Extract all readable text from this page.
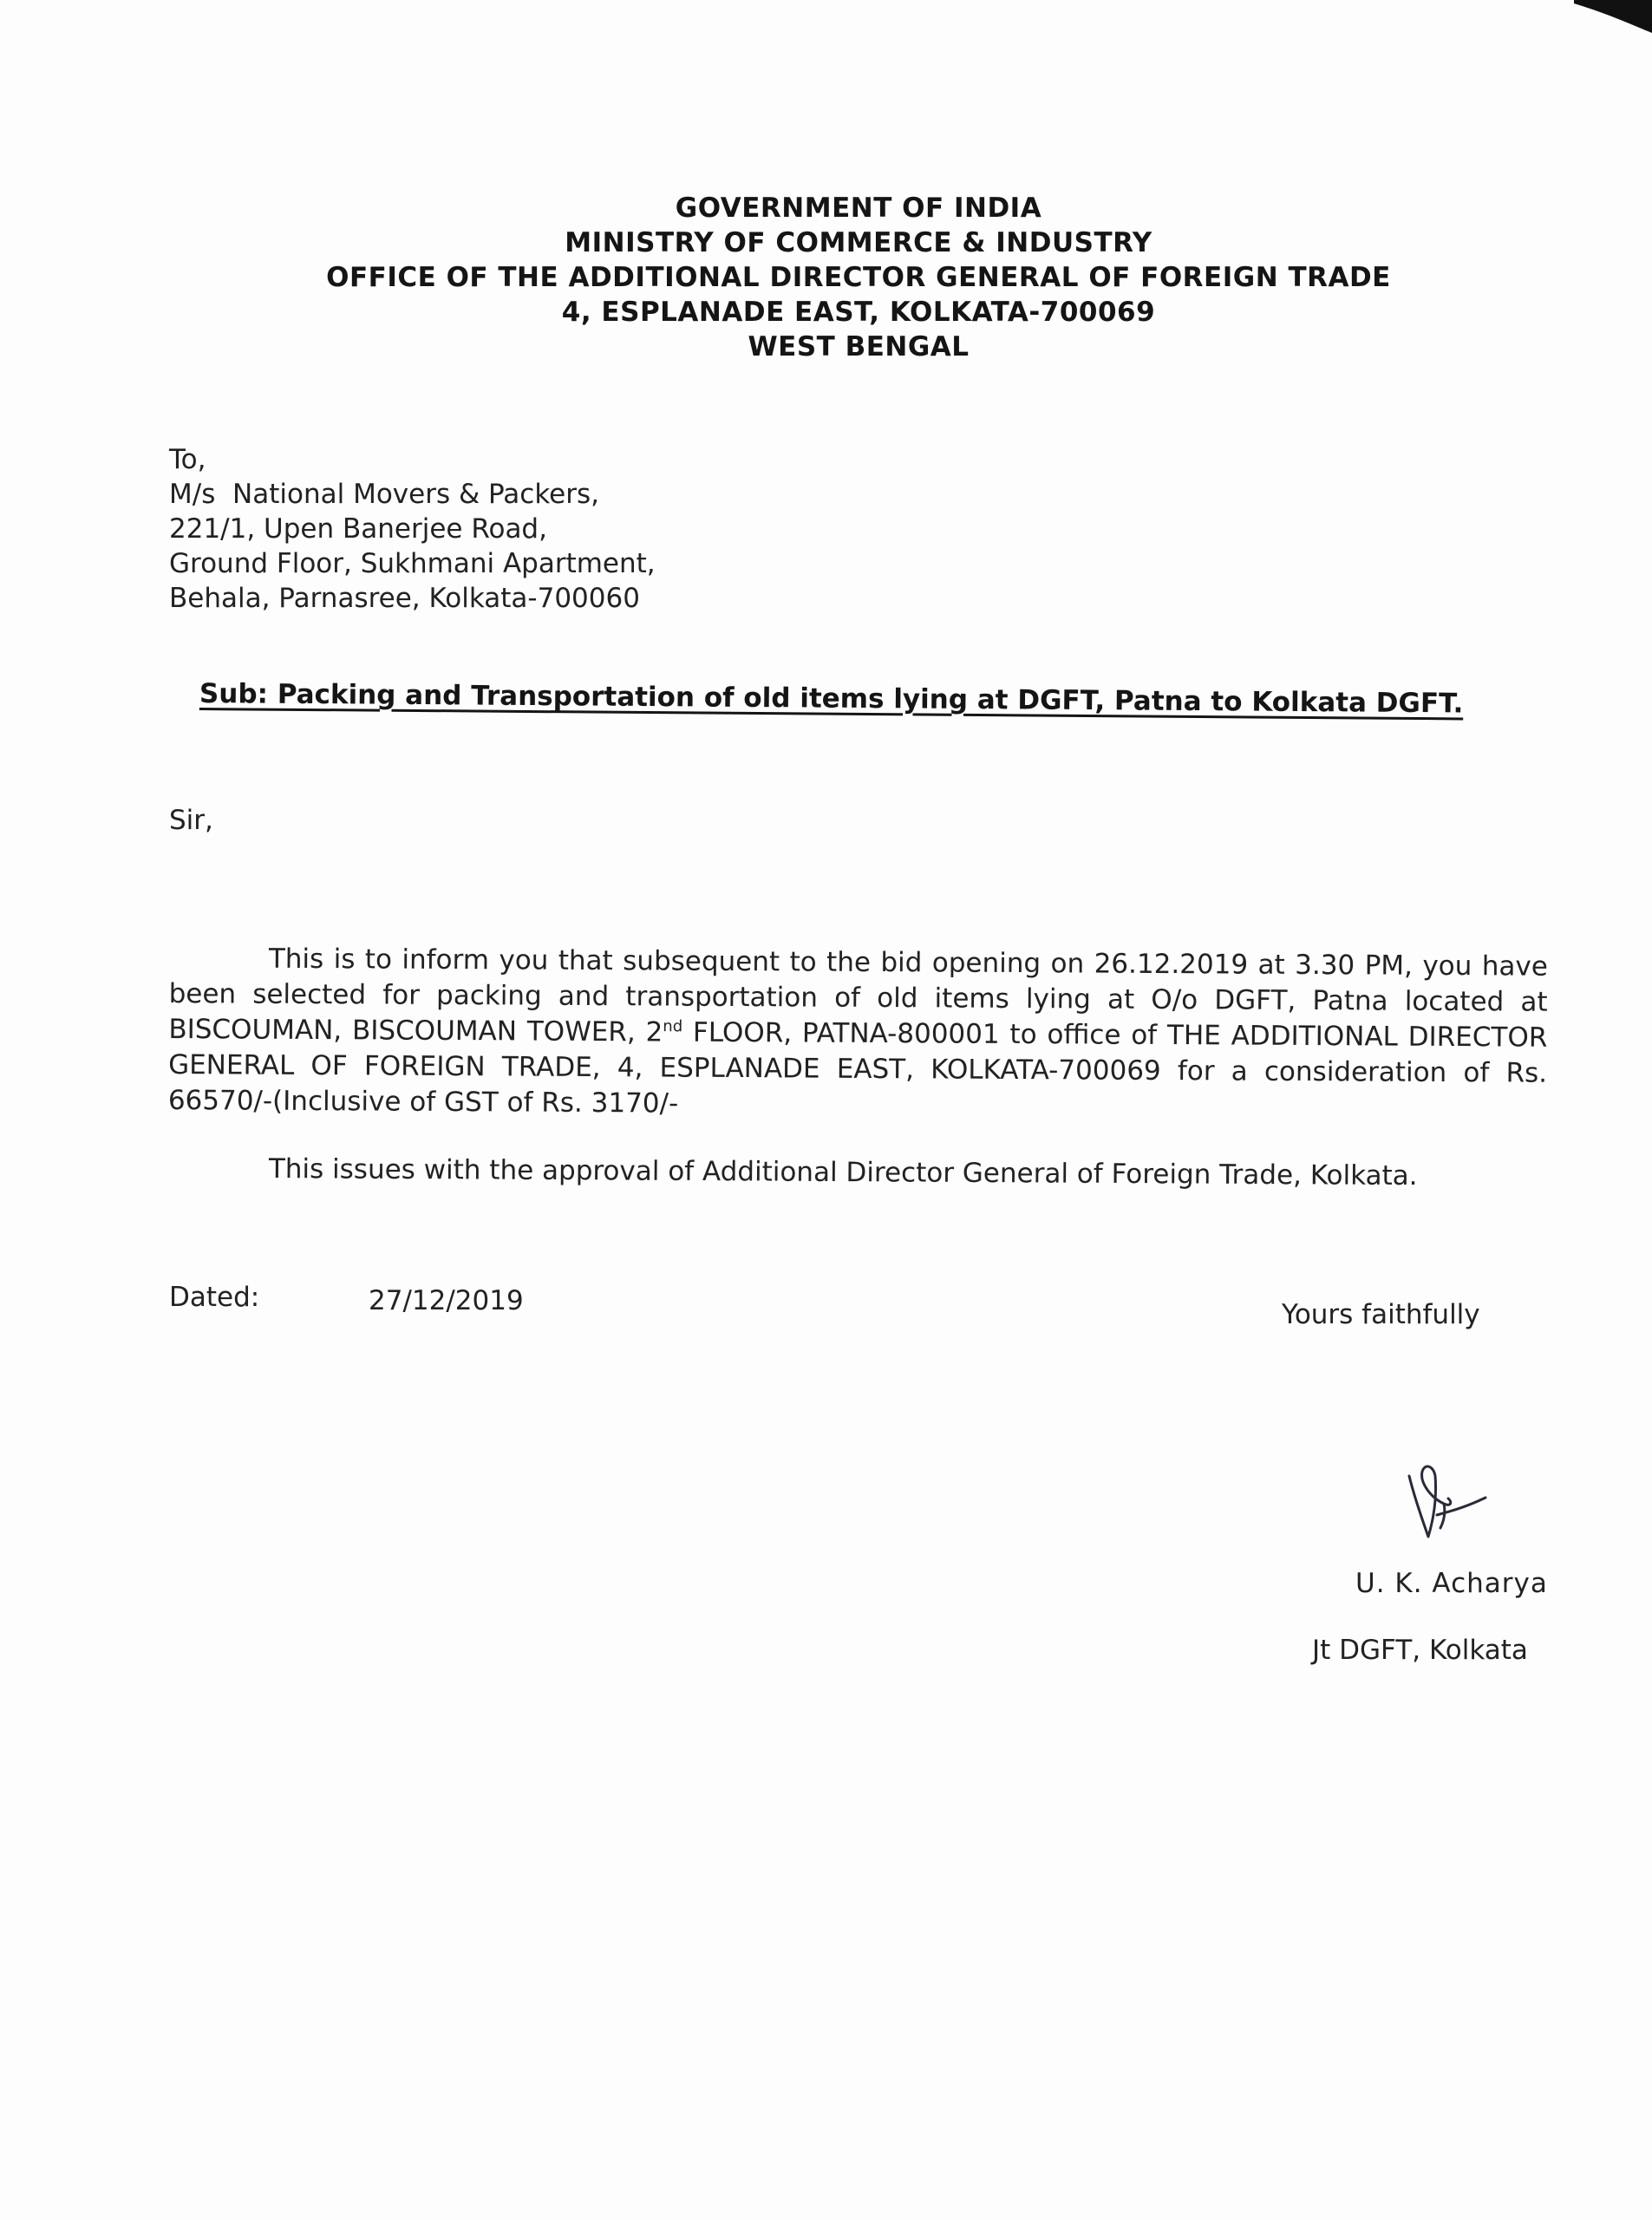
GOVERNMENT OF INDIA
MINISTRY OF COMMERCE & INDUSTRY
OFFICE OF THE ADDITIONAL DIRECTOR GENERAL OF FOREIGN TRADE
4, ESPLANADE EAST, KOLKATA-700069
WEST BENGAL
To,
M/s  National Movers & Packers,
221/1, Upen Banerjee Road,
Ground Floor, Sukhmani Apartment,
Behala, Parnasree, Kolkata-700060
Sub: Packing and Transportation of old items lying at DGFT, Patna to Kolkata DGFT.
Sir,
This is to inform you that subsequent to the bid opening on 26.12.2019 at 3.30 PM, you have been selected for packing and transportation of old items lying at O/o DGFT, Patna located at BISCOUMAN, BISCOUMAN TOWER, 2nd FLOOR, PATNA-800001 to office of THE ADDITIONAL DIRECTOR GENERAL OF FOREIGN TRADE, 4, ESPLANADE EAST, KOLKATA-700069 for a consideration of Rs. 66570/-(Inclusive of GST of Rs. 3170/-
This issues with the approval of Additional Director General of Foreign Trade, Kolkata.
Dated:	27/12/2019	Yours faithfully
U. K. Acharya
Jt DGFT, Kolkata
